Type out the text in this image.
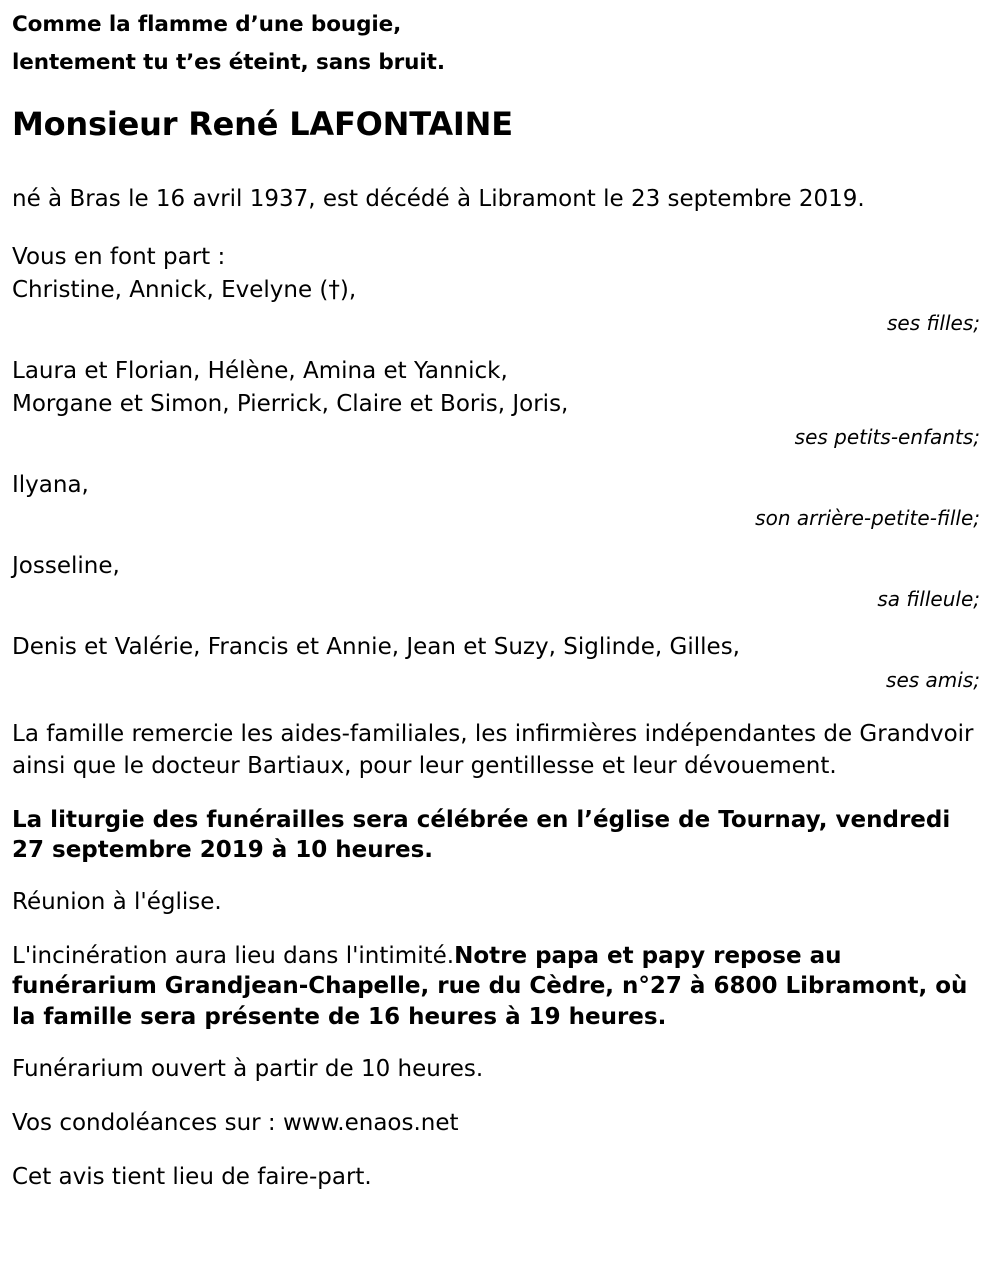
Comme la flamme d’une bougie,
lentement tu t’es éteint, sans bruit.
Monsieur René LAFONTAINE
né à Bras le 16 avril 1937, est décédé à Libramont le 23 septembre 2019.
Vous en font part :
Christine, Annick, Evelyne (†),
ses filles;
Laura et Florian, Hélène, Amina et Yannick,
Morgane et Simon, Pierrick, Claire et Boris, Joris,
ses petits-enfants;
Ilyana,
son arrière-petite-fille;
Josseline,
sa filleule;
Denis et Valérie, Francis et Annie, Jean et Suzy, Siglinde, Gilles,
ses amis;
La famille remercie les aides-familiales, les infirmières indépendantes de Grandvoir ainsi que le docteur Bartiaux, pour leur gentillesse et leur dévouement.
La liturgie des funérailles sera célébrée en l’église de Tournay, vendredi 27 septembre 2019 à 10 heures.
Réunion à l'église.
L'incinération aura lieu dans l'intimité.Notre papa et papy repose au funérarium Grandjean-Chapelle, rue du Cèdre, n°27 à 6800 Libramont, où la famille sera présente de 16 heures à 19 heures.
Funérarium ouvert à partir de 10 heures.
Vos condoléances sur : www.enaos.net
Cet avis tient lieu de faire-part.
